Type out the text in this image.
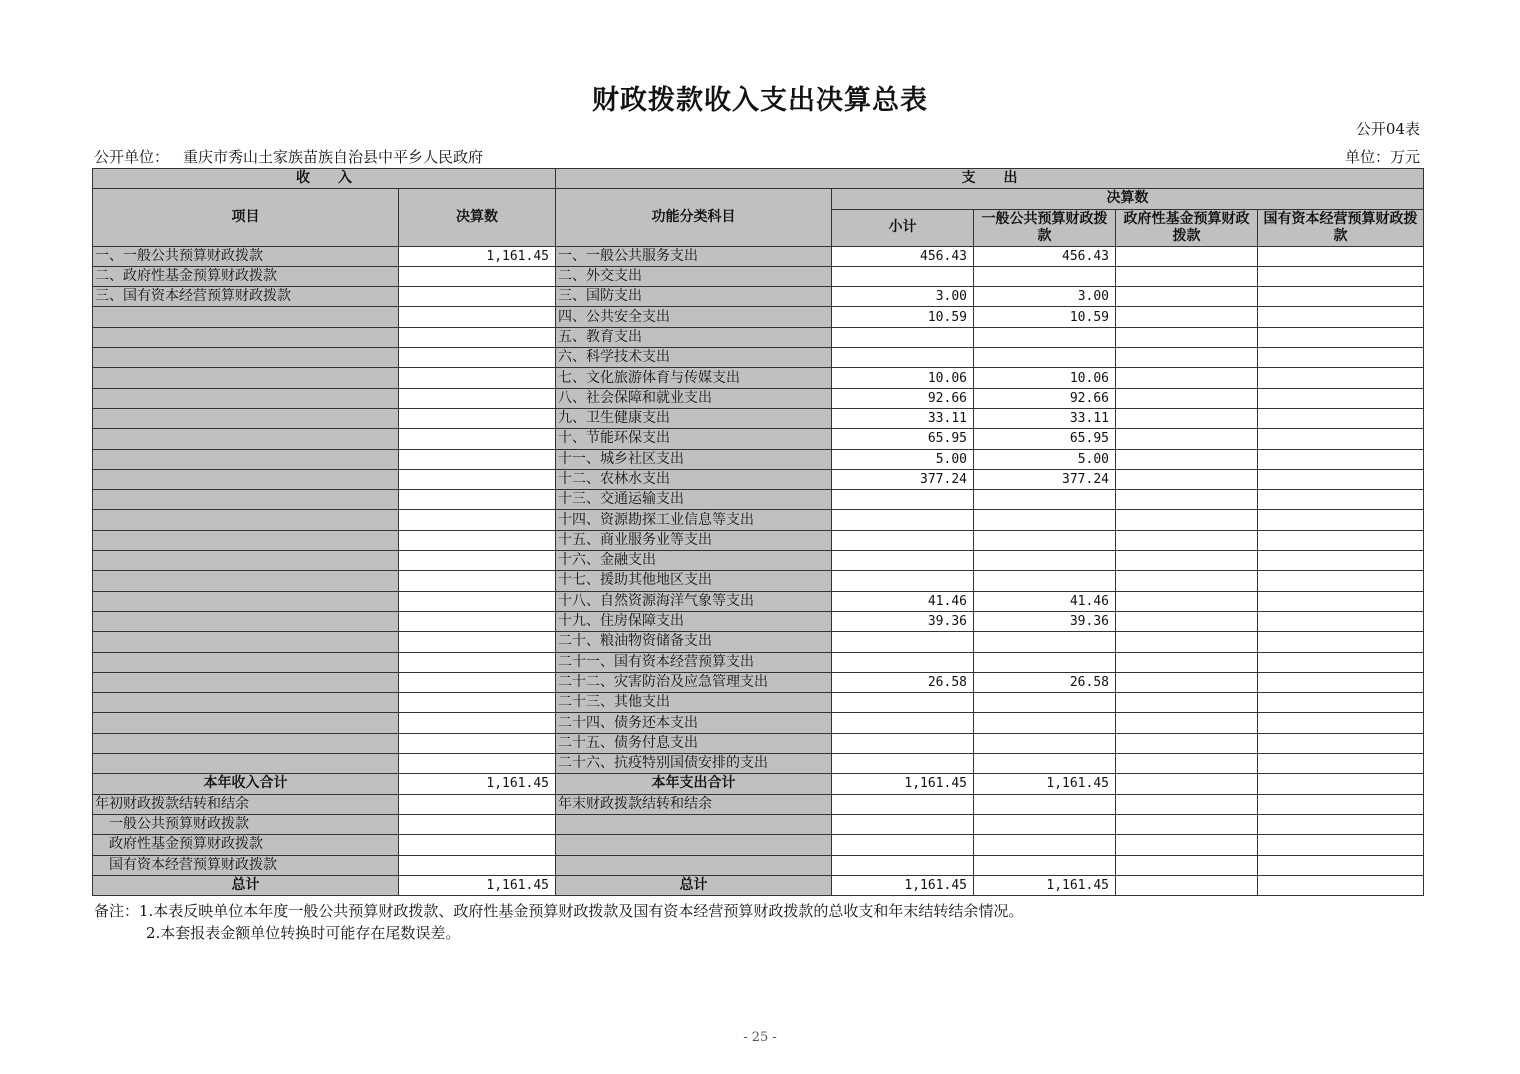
财政拨款收入支出决算总表
公开04表
公开单位： 重庆市秀山土家族苗族自治县中平乡人民政府	单位：万元
收　　入		支　　出				
项目	决算数	功能分类科目	决算数			
			小计	一般公共预算财政拨款	政府性基金预算财政拨款	国有资本经营预算财政拨款
一、一般公共预算财政拨款	1,161.45	一、一般公共服务支出	456.43	456.43		
二、政府性基金预算财政拨款		二、外交支出				
三、国有资本经营预算财政拨款		三、国防支出	3.00	3.00		
		四、公共安全支出	10.59	10.59		
		五、教育支出				
		六、科学技术支出				
		七、文化旅游体育与传媒支出	10.06	10.06		
		八、社会保障和就业支出	92.66	92.66		
		九、卫生健康支出	33.11	33.11		
		十、节能环保支出	65.95	65.95		
		十一、城乡社区支出	5.00	5.00		
		十二、农林水支出	377.24	377.24		
		十三、交通运输支出				
		十四、资源勘探工业信息等支出				
		十五、商业服务业等支出				
		十六、金融支出				
		十七、援助其他地区支出				
		十八、自然资源海洋气象等支出	41.46	41.46		
		十九、住房保障支出	39.36	39.36		
		二十、粮油物资储备支出				
		二十一、国有资本经营预算支出				
		二十二、灾害防治及应急管理支出	26.58	26.58		
		二十三、其他支出				
		二十四、债务还本支出				
		二十五、债务付息支出				
		二十六、抗疫特别国债安排的支出				
本年收入合计	1,161.45	本年支出合计	1,161.45	1,161.45		
年初财政拨款结转和结余		年末财政拨款结转和结余				
一般公共预算财政拨款						
政府性基金预算财政拨款						
国有资本经营预算财政拨款						
总计	1,161.45	总计	1,161.45	1,161.45		
备注：1.本表反映单位本年度一般公共预算财政拨款、政府性基金预算财政拨款及国有资本经营预算财政拨款的总收支和年末结转结余情况。
2.本套报表金额单位转换时可能存在尾数误差。
- 25 -
